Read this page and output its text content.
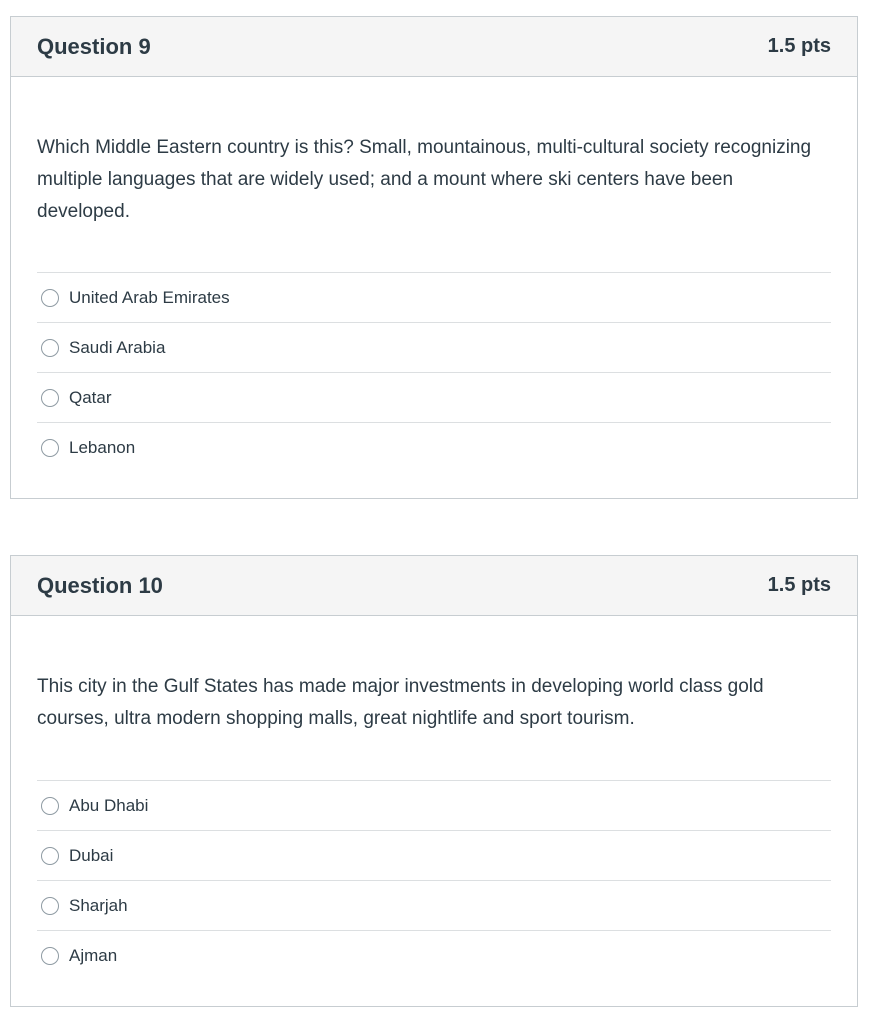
Question 9	1.5 pts

Which Middle Eastern country is this? Small, mountainous, multi-cultural society recognizing multiple languages that are widely used; and a mount where ski centers have been developed.

United Arab Emirates
Saudi Arabia
Qatar
Lebanon
Question 10	1.5 pts

This city in the Gulf States has made major investments in developing world class gold courses, ultra modern shopping malls, great nightlife and sport tourism.

Abu Dhabi
Dubai
Sharjah
Ajman
